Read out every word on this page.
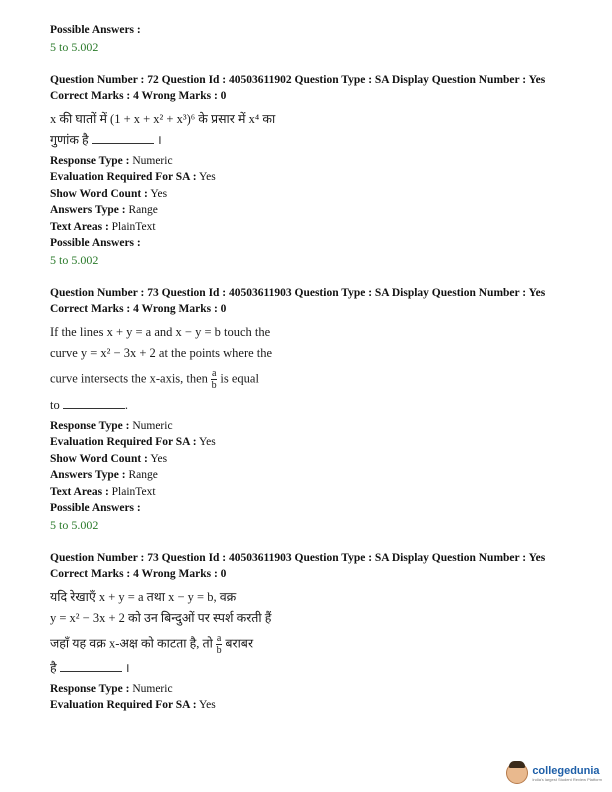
Possible Answers :
5 to 5.002
Question Number : 72 Question Id : 40503611902 Question Type : SA Display Question Number : Yes
Correct Marks : 4 Wrong Marks : 0
x की घातों में (1 + x + x² + x³)⁶ के प्रसार में x⁴ का
गुणांक है	।
Response Type : Numeric
Evaluation Required For SA : Yes
Show Word Count : Yes
Answers Type : Range
Text Areas : PlainText
Possible Answers :
5 to 5.002
Question Number : 73 Question Id : 40503611903 Question Type : SA Display Question Number : Yes
Correct Marks : 4 Wrong Marks : 0
If the lines x + y = a and x − y = b touch the
curve y = x² − 3x + 2 at the points where the
curve intersects the x-axis, then $\frac{a}{b}$ is equal
to	.
Response Type : Numeric
Evaluation Required For SA : Yes
Show Word Count : Yes
Answers Type : Range
Text Areas : PlainText
Possible Answers :
5 to 5.002
Question Number : 73 Question Id : 40503611903 Question Type : SA Display Question Number : Yes
Correct Marks : 4 Wrong Marks : 0
यदि रेखाएँ x + y = a तथा x − y = b, वक्र
y = x² − 3x + 2 को उन बिन्दुओं पर स्पर्श करती हैं
जहाँ यह वक्र x-अक्ष को काटता है, तो $\frac{a}{b}$ बराबर
है	।
Response Type : Numeric
Evaluation Required For SA : Yes
collegedunia
India's largest Student Review Platform
